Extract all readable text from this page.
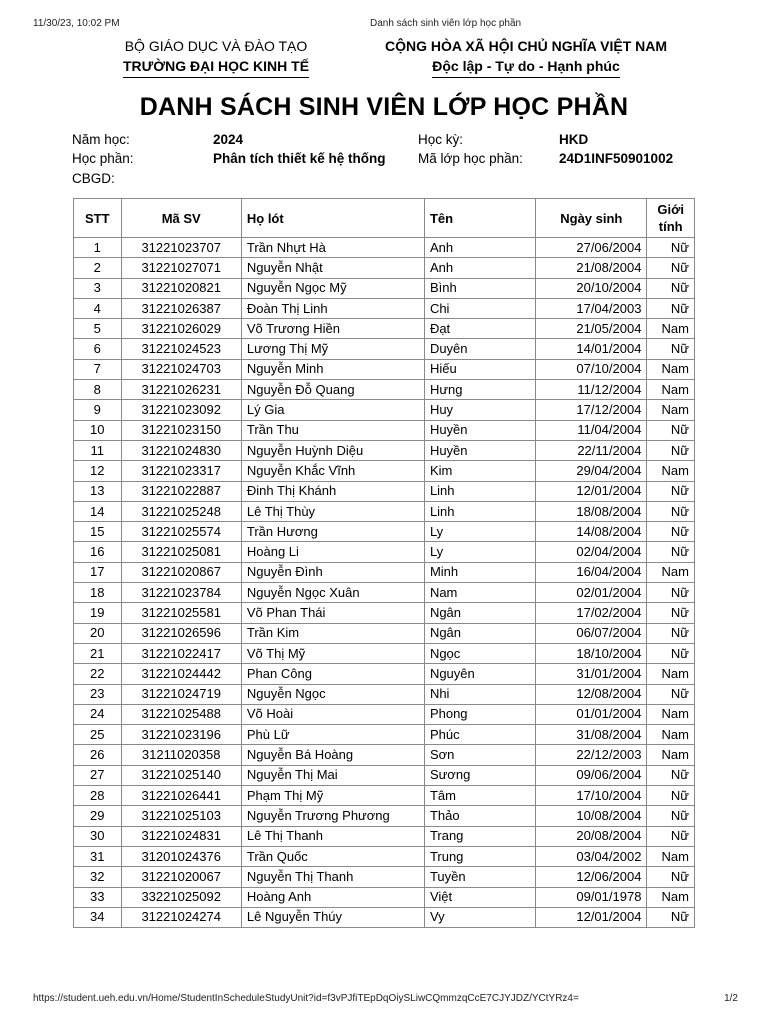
11/30/23, 10:02 PM	Danh sách sinh viên lớp học phần
BỘ GIÁO DỤC VÀ ĐÀO TẠO
TRƯỜNG ĐẠI HỌC KINH TẾ
CỘNG HÒA XÃ HỘI CHỦ NGHĨA VIỆT NAM
Độc lập - Tự do - Hạnh phúc
DANH SÁCH SINH VIÊN LỚP HỌC PHẦN
Năm học:	2024	Học kỳ:	HKD
Học phần:	Phân tích thiết kế hệ thống Mã lớp học phần:	24D1INF50901002
CBGD:
STT	Mã SV	Họ lót	Tên	Ngày sinh	Giới
tính
1	31221023707	Trần Nhựt Hà	Anh	27/06/2004	Nữ
2	31221027071	Nguyễn Nhật	Anh	21/08/2004	Nữ
3	31221020821	Nguyễn Ngọc Mỹ	Bình	20/10/2004	Nữ
4	31221026387	Đoàn Thị Linh	Chi	17/04/2003	Nữ
5	31221026029	Võ Trương Hiền	Đạt	21/05/2004	Nam
6	31221024523	Lương Thị Mỹ	Duyên	14/01/2004	Nữ
7	31221024703	Nguyễn Minh	Hiếu	07/10/2004	Nam
8	31221026231	Nguyễn Đỗ Quang	Hưng	11/12/2004	Nam
9	31221023092	Lý Gia	Huy	17/12/2004	Nam
10	31221023150	Trần Thu	Huyền	11/04/2004	Nữ
11	31221024830	Nguyễn Huỳnh Diệu	Huyền	22/11/2004	Nữ
12	31221023317	Nguyễn Khắc Vĩnh	Kim	29/04/2004	Nam
13	31221022887	Đinh Thị Khánh	Linh	12/01/2004	Nữ
14	31221025248	Lê Thị Thùy	Linh	18/08/2004	Nữ
15	31221025574	Trần Hương	Ly	14/08/2004	Nữ
16	31221025081	Hoàng Li	Ly	02/04/2004	Nữ
17	31221020867	Nguyễn Đình	Minh	16/04/2004	Nam
18	31221023784	Nguyễn Ngọc Xuân	Nam	02/01/2004	Nữ
19	31221025581	Võ Phan Thái	Ngân	17/02/2004	Nữ
20	31221026596	Trần Kim	Ngân	06/07/2004	Nữ
21	31221022417	Võ Thị Mỹ	Ngọc	18/10/2004	Nữ
22	31221024442	Phan Công	Nguyên	31/01/2004	Nam
23	31221024719	Nguyễn Ngọc	Nhi	12/08/2004	Nữ
24	31221025488	Võ Hoài	Phong	01/01/2004	Nam
25	31221023196	Phù Lữ	Phúc	31/08/2004	Nam
26	31211020358	Nguyễn Bá Hoàng	Sơn	22/12/2003	Nam
27	31221025140	Nguyễn Thị Mai	Sương	09/06/2004	Nữ
28	31221026441	Phạm Thị Mỹ	Tâm	17/10/2004	Nữ
29	31221025103	Nguyễn Trương Phương	Thảo	10/08/2004	Nữ
30	31221024831	Lê Thị Thanh	Trang	20/08/2004	Nữ
31	31201024376	Trần Quốc	Trung	03/04/2002	Nam
32	31221020067	Nguyễn Thị Thanh	Tuyền	12/06/2004	Nữ
33	33221025092	Hoàng Anh	Việt	09/01/1978	Nam
34	31221024274	Lê Nguyễn Thúy	Vy	12/01/2004	Nữ
https://student.ueh.edu.vn/Home/StudentInScheduleStudyUnit?id=f3vPJfiTEpDqOiySLiwCQmmzqCcE7CJYJDZ/YCtYRz4=	1/2
